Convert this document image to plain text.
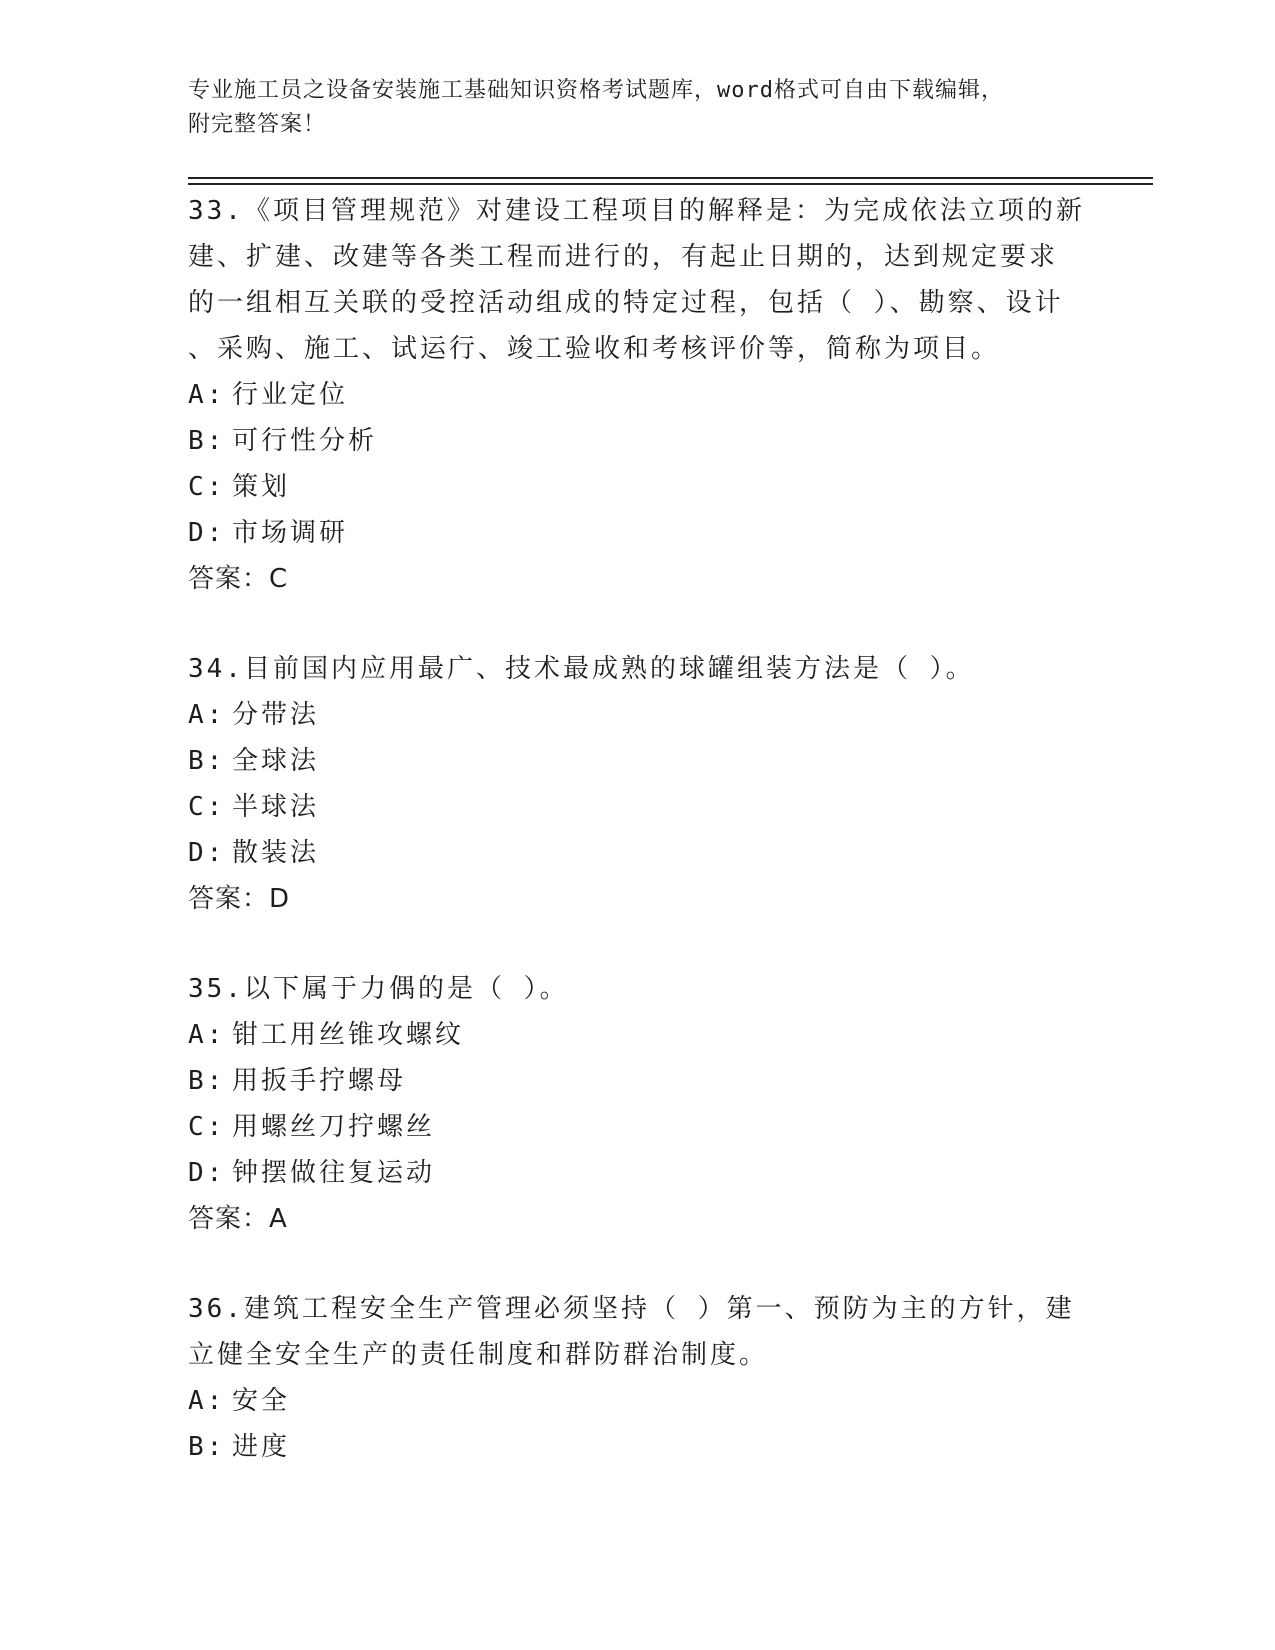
专业施工员之设备安装施工基础知识资格考试题库，word格式可自由下载编辑，
附完整答案！
33.《项目管理规范》对建设工程项目的解释是：为完成依法立项的新
建、扩建、改建等各类工程而进行的，有起止日期的，达到规定要求
的一组相互关联的受控活动组成的特定过程，包括（ ）、勘察、设计
、采购、施工、试运行、竣工验收和考核评价等，简称为项目。
A: 行业定位
B: 可行性分析
C: 策划
D: 市场调研
答案：C
34.目前国内应用最广、技术最成熟的球罐组装方法是（ ）。
A: 分带法
B: 全球法
C: 半球法
D: 散装法
答案：D
35.以下属于力偶的是（ ）。
A: 钳工用丝锥攻螺纹
B: 用扳手拧螺母
C: 用螺丝刀拧螺丝
D: 钟摆做往复运动
答案：A
36.建筑工程安全生产管理必须坚持（ ）第一、预防为主的方针，建
立健全安全生产的责任制度和群防群治制度。
A: 安全
B: 进度
